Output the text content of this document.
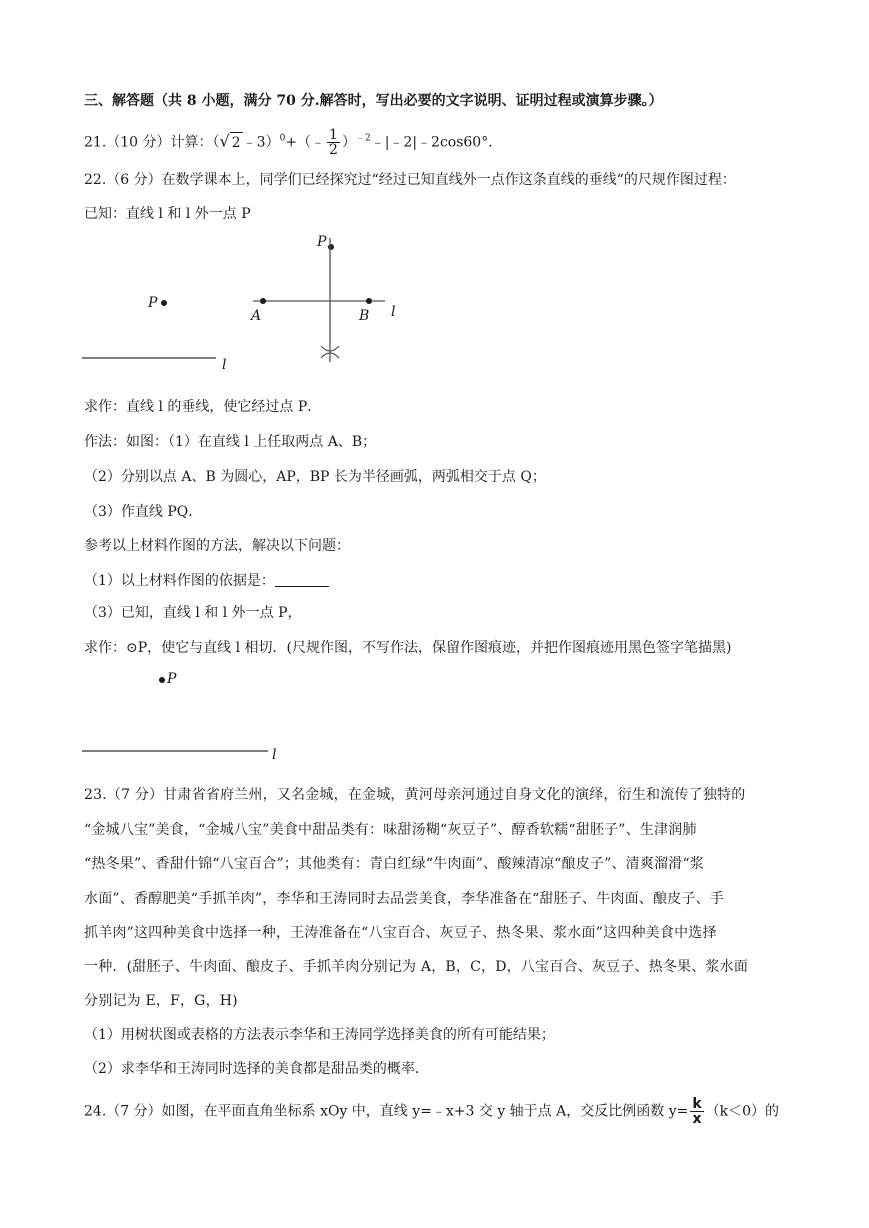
三、解答题（共 8 小题，满分 70 分.解答时，写出必要的文字说明、证明过程或演算步骤。）
21.（10 分）计算：（√ 2 ﹣3）$^0$+（﹣ $\frac{1}{2}$ ）$^{﹣2}$﹣|﹣2|﹣2cos60°．
22.（6 分）在数学课本上，同学们已经探究过“经过已知直线外一点作这条直线的垂线“的尺规作图过程：
已知：直线 l 和 l 外一点 P
P
l
P
A	B l
求作：直线 l 的垂线，使它经过点 P．
作法：如图：（1）在直线 l 上任取两点 A、B；
（2）分别以点 A、B 为圆心，AP，BP 长为半径画弧，两弧相交于点 Q；
（3）作直线 PQ．
参考以上材料作图的方法，解决以下问题：
（1）以上材料作图的依据是：
（3）已知，直线 l 和 l 外一点 P，
求作：⊙P，使它与直线 l 相切．(尺规作图，不写作法，保留作图痕迹，并把作图痕迹用黑色签字笔描黑)
P
l
23.（7 分）甘肃省省府兰州，又名金城，在金城，黄河母亲河通过自身文化的演绎，衍生和流传了独特的
“金城八宝”美食，“金城八宝”美食中甜品类有：味甜汤糊“灰豆子”、醇香软糯“甜胚子”、生津润肺
“热冬果”、香甜什锦“八宝百合”；其他类有：青白红绿“牛肉面”、酸辣清凉“酿皮子”、清爽溜滑“浆
水面”、香醇肥美“手抓羊肉”，李华和王涛同时去品尝美食，李华准备在“甜胚子、牛肉面、酿皮子、手
抓羊肉”这四种美食中选择一种，王涛准备在“八宝百合、灰豆子、热冬果、浆水面”这四种美食中选择
一种．(甜胚子、牛肉面、酿皮子、手抓羊肉分别记为 A，B，C，D，八宝百合、灰豆子、热冬果、浆水面
分别记为 E，F，G，H)
（1）用树状图或表格的方法表示李华和王涛同学选择美食的所有可能结果；
（2）求李华和王涛同时选择的美食都是甜品类的概率．
24.（7 分）如图，在平面直角坐标系 xOy 中，直线 y=﹣x+3 交 y 轴于点 A，交反比例函数 $y= \frac{k}{x} (k<0)$的
